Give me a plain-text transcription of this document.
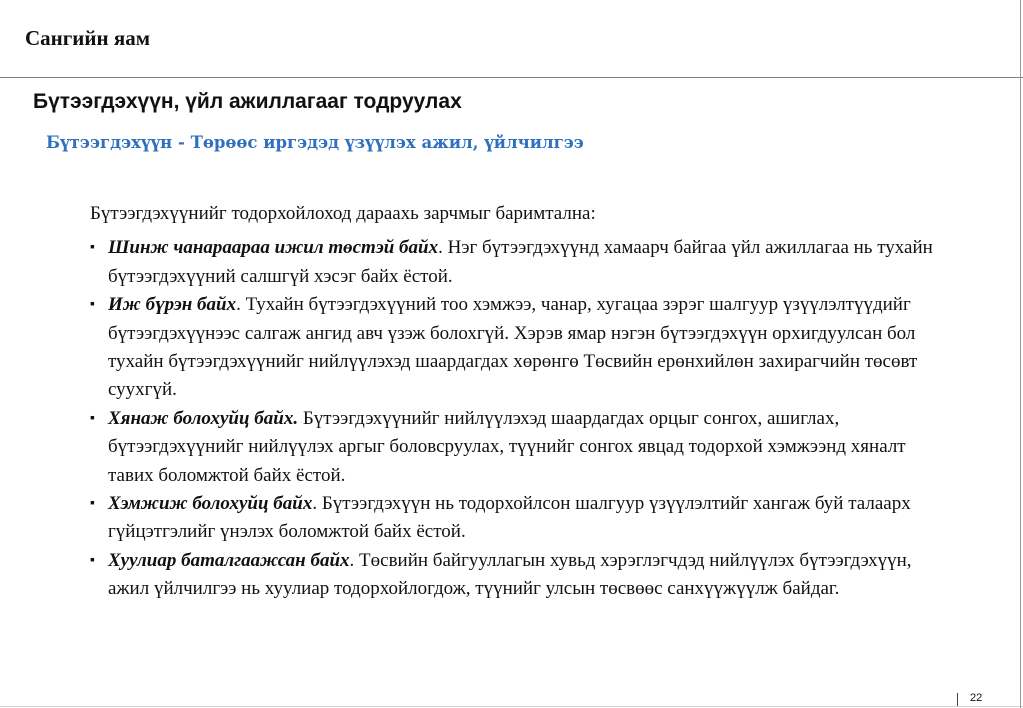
Сангийн яам
Бүтээгдэхүүн, үйл ажиллагааг тодруулах
Бүтээгдэхүүн - Төрөөс иргэдэд үзүүлэх ажил, үйлчилгээ

Бүтээгдэхүүнийг тодорхойлоход дараахь зарчмыг баримтална:

▪ Шинж чанараараа ижил төстэй байх. Нэг бүтээгдэхүүнд хамаарч байгаа үйл ажиллагаа нь тухайн бүтээгдэхүүний салшгүй хэсэг байх ёстой.
▪ Иж бүрэн байх. Тухайн бүтээгдэхүүний тоо хэмжээ, чанар, хугацаа зэрэг шалгуур үзүүлэлтүүдийг бүтээгдэхүүнээс салгаж ангид авч үзэж болохгүй. Хэрэв ямар нэгэн бүтээгдэхүүн орхигдуулсан бол тухайн бүтээгдэхүүнийг нийлүүлэхэд шаардагдах хөрөнгө Төсвийн ерөнхийлөн захирагчийн төсөвт суухгүй.
▪ Хянаж болохуйц байх. Бүтээгдэхүүнийг нийлүүлэхэд шаардагдах орцыг сонгох, ашиглах, бүтээгдэхүүнийг нийлүүлэх аргыг боловсруулах, түүнийг сонгох явцад тодорхой хэмжээнд хяналт тавих боломжтой байх ёстой.
▪ Хэмжиж болохуйц байх. Бүтээгдэхүүн нь тодорхойлсон шалгуур үзүүлэлтийг хангаж буй талаарх гүйцэтгэлийг үнэлэх боломжтой байх ёстой.
▪ Хуулиар баталгаажсан байх. Төсвийн байгууллагын хувьд хэрэглэгчдэд нийлүүлэх бүтээгдэхүүн, ажил үйлчилгээ нь хуулиар тодорхойлогдож, түүнийг улсын төсвөөс санхүүжүүлж байдаг.
22
